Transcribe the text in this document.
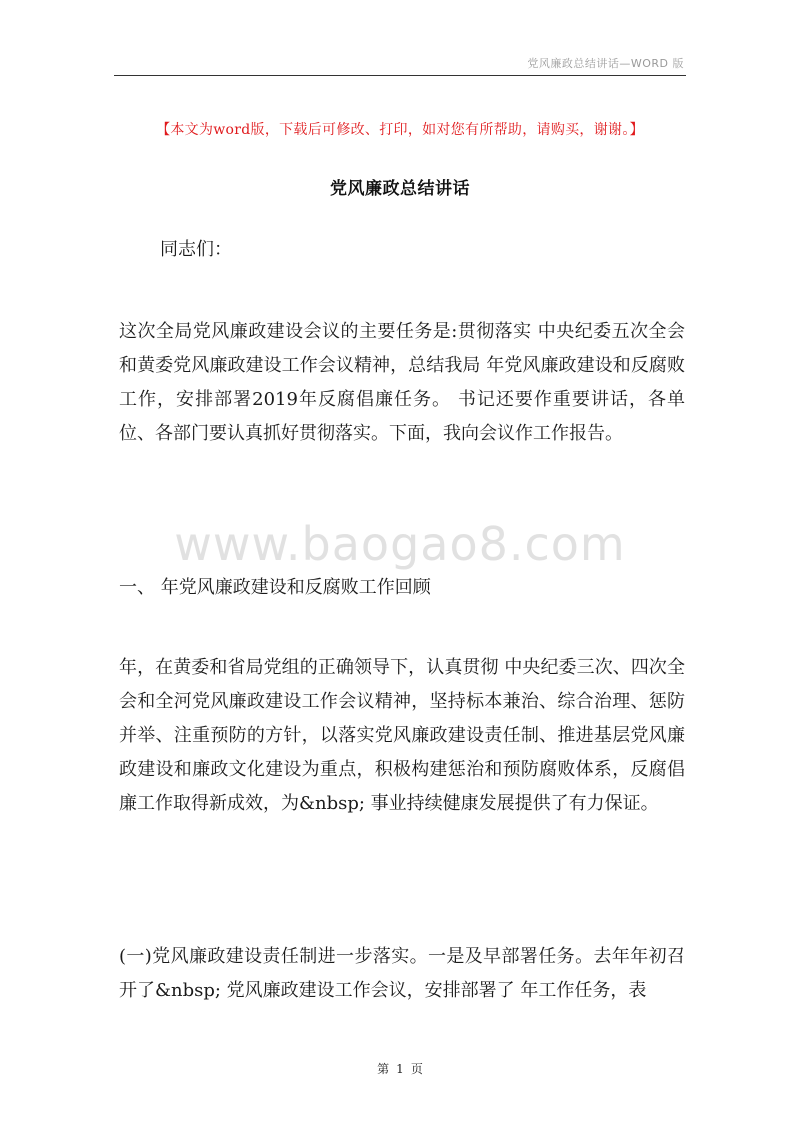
党风廉政总结讲话—WORD 版
【本文为word版，下载后可修改、打印，如对您有所帮助，请购买，谢谢。】
党风廉政总结讲话

同志们：

这次全局党风廉政建设会议的主要任务是:贯彻落实 中央纪委五次全会和黄委党风廉政建设工作会议精神，总结我局 年党风廉政建设和反腐败工作，安排部署2019年反腐倡廉任务。 书记还要作重要讲话，各单位、各部门要认真抓好贯彻落实。下面，我向会议作工作报告。

www.baogao8.com

一、 年党风廉政建设和反腐败工作回顾

年，在黄委和省局党组的正确领导下，认真贯彻 中央纪委三次、四次全会和全河党风廉政建设工作会议精神，坚持标本兼治、综合治理、惩防并举、注重预防的方针，以落实党风廉政建设责任制、推进基层党风廉政建设和廉政文化建设为重点，积极构建惩治和预防腐败体系，反腐倡廉工作取得新成效，为&nbsp; 事业持续健康发展提供了有力保证。

(一)党风廉政建设责任制进一步落实。一是及早部署任务。去年年初召开了&nbsp; 党风廉政建设工作会议，安排部署了 年工作任务，表

第 1 页
